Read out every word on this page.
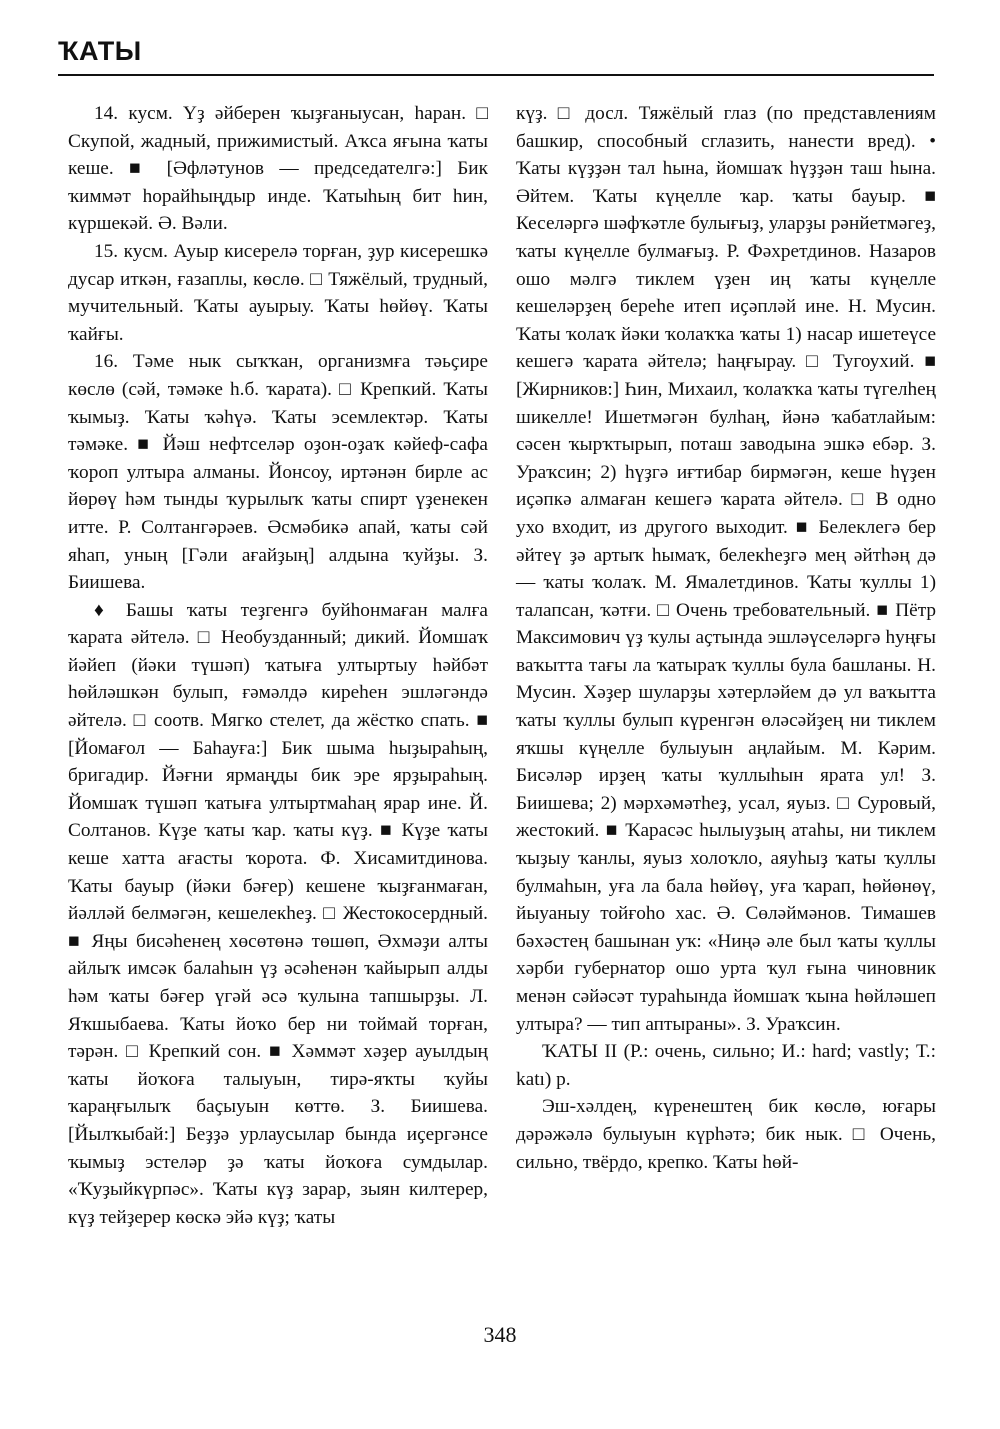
ҠАТЫ

14. кусм. Үҙ әйберен ҡыҙғаныусан, һаран. □ Скупой, жадный, прижимистый. Аҡса яғына ҡаты кеше. ■ [Әфләтунов — председателгә:] Бик ҡиммәт һорайһыңдыр инде. Ҡатыһың бит һин, күршекәй. Ә. Вәли.

15. кусм. Ауыр кисерелә торған, ҙур кисерешкә дусар иткән, ғазаплы, көслө. □ Тяжёлый, трудный, мучительный. Ҡаты ауырыу. Ҡаты һөйөү. Ҡаты ҡайғы.

16. Тәме нык сыҡҡан, организмға тәьҫире көслө (сәй, тәмәке һ.б. ҡарата). □ Крепкий. Ҡаты ҡымыҙ. Ҡаты ҡәһүә. Ҡаты эсемлектәр. Ҡаты тәмәке. ■ Йәш нефтселәр оҙон-оҙаҡ кәйеф-сафа ҡороп ултыра алманы. Йонсоу, иртәнән бирле ас йөрөү һәм тынды ҡурылыҡ ҡаты спирт үҙенекен итте. Р. Солтангәрәев. Әсмәбикә апай, ҡаты сәй яһап, уның [Гәли ағайҙың] алдына ҡуйҙы. З. Биишева.

♦ Башы ҡаты теҙгенгә буйһонмаған малға ҡарата әйтелә. □ Необузданный; дикий. Йомшаҡ йәйеп (йәки түшәп) ҡатыға ултыртыу һәйбәт һөйләшкән булып, ғәмәлдә киреһен эшләгәндә әйтелә. □ соотв. Мягко стелет, да жёстко спать. ■ [Йомағол — Баһауға:] Бик шыма һыҙыраһың, бригадир. Йәғни ярмаңды бик эре ярҙыраһың. Йомшаҡ түшәп ҡатыға ултыртмаһаң ярар ине. Й. Солтанов. Күҙе ҡаты ҡар. ҡаты күҙ. ■ Күҙе ҡаты кеше хатта ағасты ҡорота. Ф. Хисамитдинова. Ҡаты бауыр (йәки бәғер) кешене ҡыҙғанмаған, йәлләй белмәгән, кешелекһеҙ. □ Жестокосердный. ■ Яңы бисәһенең хөсөтөнә төшөп, Әхмәҙи алты айлыҡ имсәк балаһын үҙ әсәһенән ҡайырып алды һәм ҡаты бәғер үгәй әсә ҡулына тапшырҙы. Л. Яҡшыбаева. Ҡаты йоҡо бер ни тоймай торған, тәрән. □ Крепкий сон. ■ Хәммәт хәҙер ауылдың ҡаты йоҡоға талыуын, тирә-яҡты ҡуйы ҡараңғылыҡ баҫыуын көттө. З. Биишева. [Йылҡыбай:] Беҙҙә урлаусылар бында иҫергәнсе ҡымыҙ эстеләр ҙә ҡаты йоҡоға сумдылар. «Ҡуҙыйкүрпәс». Ҡаты күҙ зарар, зыян килтерер, күҙ тейҙерер көскә эйә күҙ; ҡаты

күҙ. □ досл. Тяжёлый глаз (по представлениям башкир, способный сглазить, нанести вред). • Ҡаты күҙҙән тал һына, йомшаҡ һүҙҙән таш һына. Әйтем. Ҡаты күңелле ҡар. ҡаты бауыр. ■ Кеселәргә шәфҡәтле булығыҙ, уларҙы рәнйетмәгеҙ, ҡаты күңелле булмағыҙ. Р. Фәхретдинов. Назаров ошо мәлгә тиклем үҙен иң ҡаты күңелле кешеләрҙең береһе итеп иҫәпләй ине. Н. Мусин. Ҡаты ҡолаҡ йәки ҡолаҡҡа ҡаты 1) насар ишетеүсе кешегә ҡарата әйтелә; һаңғырау. □ Тугоухий. ■ [Жирников:] Һин, Михаил, ҡолаҡҡа ҡаты түгелһең шикелле! Ишетмәгән булһаң, йәнә ҡабатлайым: сәсен ҡырҡтырып, поташ заводына эшкә ебәр. З. Ураҡсин; 2) һүҙгә иғтибар бирмәгән, кеше һүҙен иҫәпкә алмаған кешегә ҡарата әйтелә. □ В одно ухо входит, из другого выходит. ■ Белеклегә бер әйтеү ҙә артыҡ һымаҡ, белекһеҙгә мең әйтһәң дә — ҡаты ҡолаҡ. М. Ямалетдинов. Ҡаты ҡуллы 1) талапсан, ҡәтғи. □ Очень требовательный. ■ Пётр Максимович үҙ ҡулы аҫтында эшләүселәргә һуңғы ваҡытта тағы ла ҡатыраҡ ҡуллы була башланы. Н. Мусин. Хәҙер шуларҙы хәтерләйем дә ул ваҡытта ҡаты ҡуллы булып күренгән өләсәйҙең ни тиклем яҡшы күңелле булыуын аңлайым. М. Кәрим. Бисәләр ирҙең ҡаты ҡуллыһын ярата ул! З. Биишева; 2) мәрхәмәтһеҙ, усал, яуыз. □ Суровый, жестокий. ■ Ҡарасәс һылыуҙың атаһы, ни тиклем ҡыҙыу ҡанлы, яуыз холоҡло, аяуһыҙ ҡаты ҡуллы булмаһын, уға ла бала һөйөү, уға ҡарап, һөйөнөү, йыуаныу тойғоһо хас. Ә. Сөләймәнов. Тимашев бәхәстең башынан уҡ: «Ниңә әле был ҡаты ҡуллы хәрби губернатор ошо урта ҡул ғына чиновник менән сәйәсәт тураһында йомшаҡ ҡына һөйләшеп ултыра? — тип аптыраны». З. Ураҡсин.

ҠАТЫ II (Р.: очень, сильно; И.: hard; vastly; Т.: katı) р.

Эш-хәлдең, күренештең бик көслө, юғары дәрәжәлә булыуын күрһәтә; бик нык. □ Очень, сильно, твёрдо, крепко. Ҡаты һөй-

348
